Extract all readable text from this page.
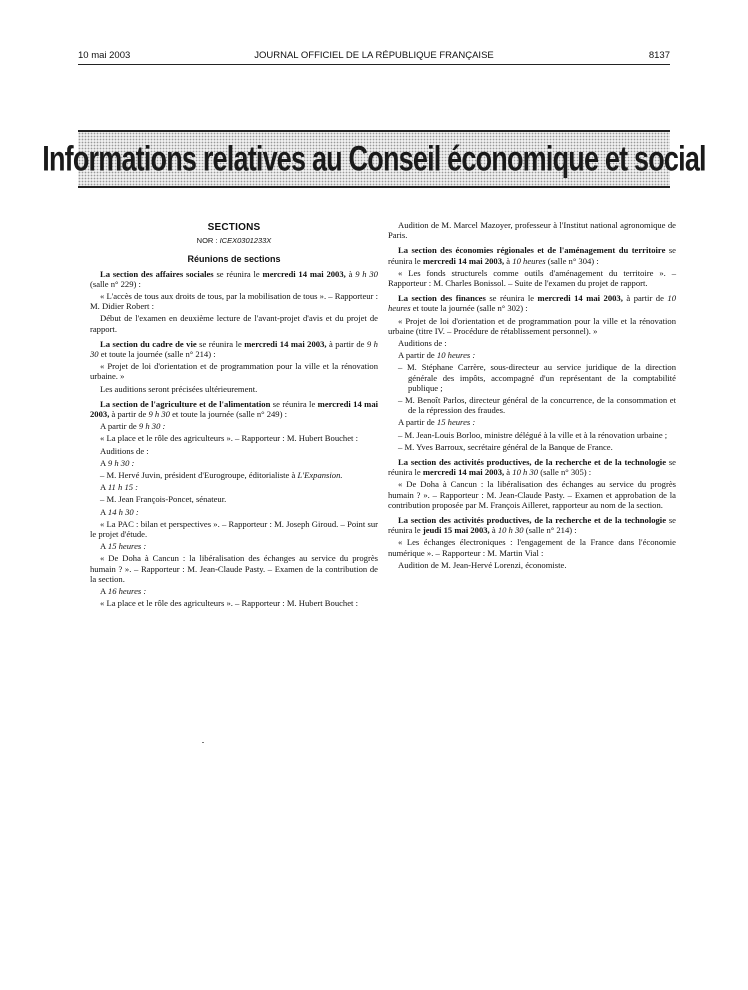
10 mai 2003	JOURNAL OFFICIEL DE LA RÉPUBLIQUE FRANÇAISE	8137
Informations relatives au Conseil économique et social
SECTIONS
NOR : ICEX0301233X
Réunions de sections

La section des affaires sociales se réunira le mercredi 14 mai 2003, à 9 h 30 (salle n° 229) :

« L'accès de tous aux droits de tous, par la mobilisation de tous ». – Rapporteur : M. Didier Robert :

Début de l'examen en deuxième lecture de l'avant-projet d'avis et du projet de rapport.

La section du cadre de vie se réunira le mercredi 14 mai 2003, à partir de 9 h 30 et toute la journée (salle n° 214) :

« Projet de loi d'orientation et de programmation pour la ville et la rénovation urbaine. »

Les auditions seront précisées ultérieurement.

La section de l'agriculture et de l'alimentation se réunira le mercredi 14 mai 2003, à partir de 9 h 30 et toute la journée (salle n° 249) :

A partir de 9 h 30 :

« La place et le rôle des agriculteurs ». – Rapporteur : M. Hubert Bouchet :

Auditions de :

A 9 h 30 :

– M. Hervé Juvin, président d'Eurogroupe, éditorialiste à L'Expansion.

A 11 h 15 :

– M. Jean François-Poncet, sénateur.

A 14 h 30 :

« La PAC : bilan et perspectives ». – Rapporteur : M. Joseph Giroud. – Point sur le projet d'étude.

A 15 heures :

« De Doha à Cancun : la libéralisation des échanges au service du progrès humain ? ». – Rapporteur : M. Jean-Claude Pasty. – Examen de la contribution de la section.

A 16 heures :

« La place et le rôle des agriculteurs ». – Rapporteur : M. Hubert Bouchet :

Audition de M. Marcel Mazoyer, professeur à l'Institut national agronomique de Paris.

La section des économies régionales et de l'aménagement du territoire se réunira le mercredi 14 mai 2003, à 10 heures (salle n° 304) :

« Les fonds structurels comme outils d'aménagement du territoire ». – Rapporteur : M. Charles Bonissol. – Suite de l'examen du projet de rapport.

La section des finances se réunira le mercredi 14 mai 2003, à partir de 10 heures et toute la journée (salle n° 302) :

« Projet de loi d'orientation et de programmation pour la ville et la rénovation urbaine (titre IV. – Procédure de rétablissement personnel). »

Auditions de :

A partir de 10 heures :

– M. Stéphane Carrère, sous-directeur au service juridique de la direction générale des impôts, accompagné d'un représentant de la comptabilité publique ;

– M. Benoît Parlos, directeur général de la concurrence, de la consommation et de la répression des fraudes.

A partir de 15 heures :

– M. Jean-Louis Borloo, ministre délégué à la ville et à la rénovation urbaine ;

– M. Yves Barroux, secrétaire général de la Banque de France.

La section des activités productives, de la recherche et de la technologie se réunira le mercredi 14 mai 2003, à 10 h 30 (salle n° 305) :

« De Doha à Cancun : la libéralisation des échanges au service du progrès humain ? ». – Rapporteur : M. Jean-Claude Pasty. – Examen et approbation de la contribution proposée par M. François Ailleret, rapporteur au nom de la section.

La section des activités productives, de la recherche et de la technologie se réunira le jeudi 15 mai 2003, à 10 h 30 (salle n° 214) :

« Les échanges électroniques : l'engagement de la France dans l'économie numérique ». – Rapporteur : M. Martin Vial :

Audition de M. Jean-Hervé Lorenzi, économiste.
